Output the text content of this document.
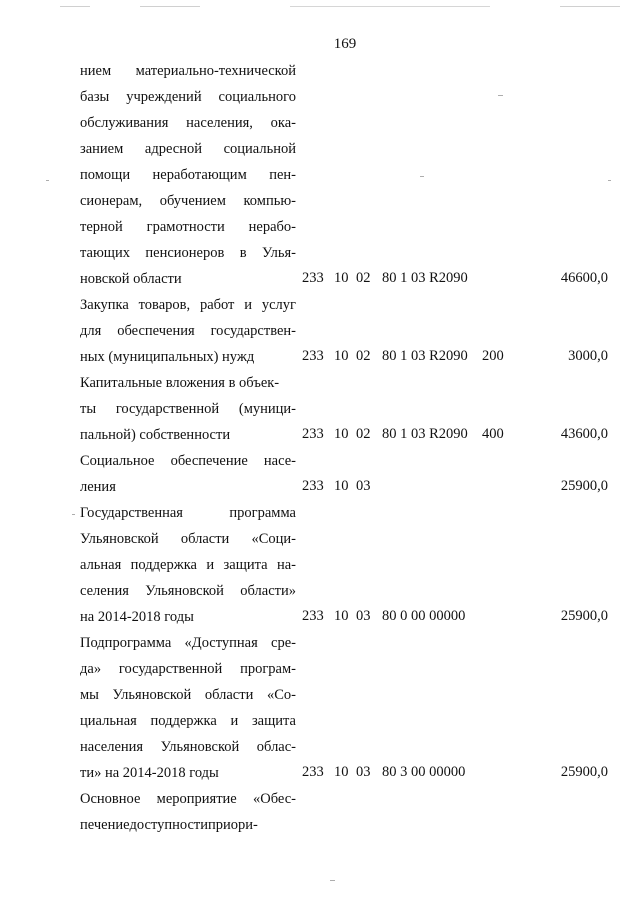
169
нием материально-технической
базы учреждений социального
обслуживания населения, ока-
занием адресной социальной
помощи неработающим пен-
сионерам, обучением компью-
терной грамотности нерабо-
тающих пенсионеров в Улья-
новской области	233 10 02 80 1 03 R2090	46600,0
Закупка товаров, работ и услуг
для обеспечения государствен-
ных (муниципальных) нужд	233 10 02 80 1 03 R2090 200	3000,0
Капитальные вложения в объек-
ты государственной (муници-
пальной) собственности	233 10 02 80 1 03 R2090 400	43600,0
Социальное обеспечение насе-
ления	233 10 03	25900,0
Государственная	программа
Ульяновской области «Соци-
альная поддержка и защита на-
селения Ульяновской области»
на 2014-2018 годы	233 10 03 80 0 00 00000	25900,0
Подпрограмма «Доступная сре-
да» государственной програм-
мы Ульяновской области «Со-
циальная поддержка и защита
населения Ульяновской облас-
ти» на 2014-2018 годы	233 10 03 80 3 00 00000	25900,0
Основное мероприятие «Обес-
печение доступности приори-
